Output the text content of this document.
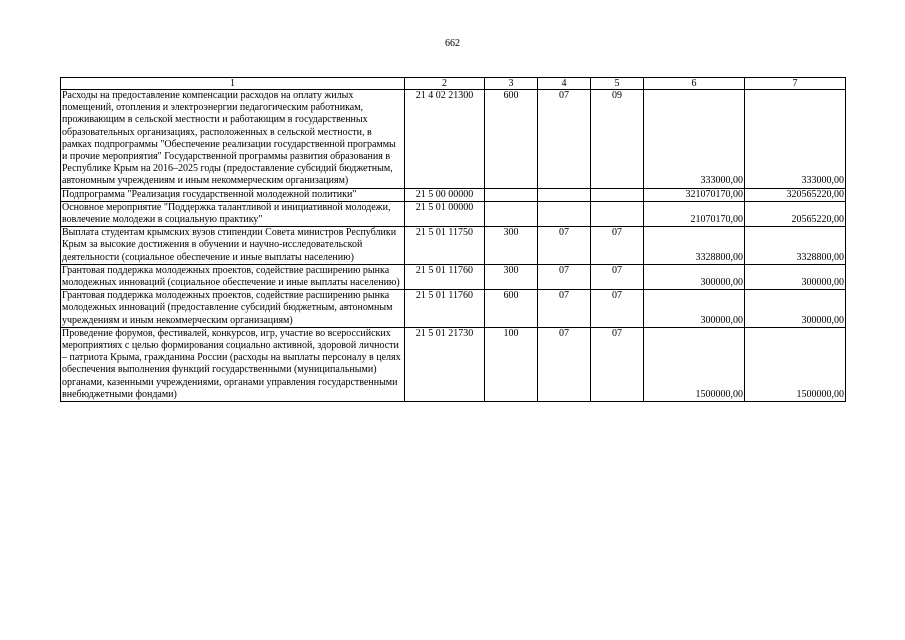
662
1	2	3	4	5	6	7
Расходы на предоставление компенсации расходов на оплату жилых помещений, отопления и электроэнергии педагогическим работникам, проживающим в сельской местности и работающим в государственных образовательных организациях, расположенных в сельской местности, в рамках подпрограммы "Обеспечение реализации государственной программы и прочие мероприятия" Государственной программы развития образования в Республике Крым на 2016–2025 годы (предоставление субсидий бюджетным, автономным учреждениям и иным некоммерческим организациям)	21 4 02 21300	600	07	09	333000,00	333000,00
Подпрограмма "Реализация государственной молодежной политики"	21 5 00 00000				321070170,00	320565220,00
Основное мероприятие "Поддержка талантливой и инициативной молодежи, вовлечение молодежи в социальную практику"	21 5 01 00000				21070170,00	20565220,00
Выплата студентам крымских вузов стипендии Совета министров Республики Крым за высокие достижения в обучении и научно-исследовательской деятельности (социальное обеспечение и иные выплаты населению)	21 5 01 11750	300	07	07	3328800,00	3328800,00
Грантовая поддержка молодежных проектов, содействие расширению рынка молодежных инноваций (социальное обеспечение и иные выплаты населению)	21 5 01 11760	300	07	07	300000,00	300000,00
Грантовая поддержка молодежных проектов, содействие расширению рынка молодежных инноваций (предоставление субсидий бюджетным, автономным учреждениям и иным некоммерческим организациям)	21 5 01 11760	600	07	07	300000,00	300000,00
Проведение форумов, фестивалей, конкурсов, игр, участие во всероссийских мероприятиях с целью формирования социально активной, здоровой личности – патриота Крыма, гражданина России (расходы на выплаты персоналу в целях обеспечения выполнения функций государственными (муниципальными) органами, казенными учреждениями, органами управления государственными внебюджетными фондами)	21 5 01 21730	100	07	07	1500000,00	1500000,00
